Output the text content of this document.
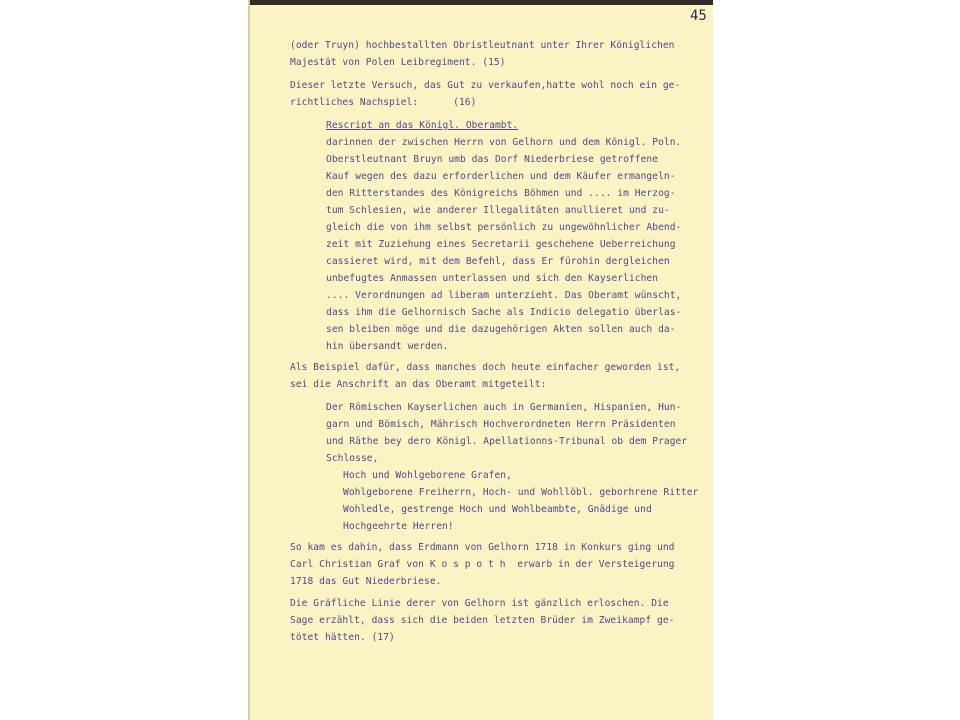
45
(oder Truyn) hochbestallten Obristleutnant unter Ihrer Königlichen
Majestät von Polen Leibregiment. (15)
Dieser letzte Versuch, das Gut zu verkaufen,hatte wohl noch ein ge-
richtliches Nachspiel:      (16)
Rescript an das Königl. Oberambt.
darinnen der zwischen Herrn von Gelhorn und dem Königl. Poln.
Oberstleutnant Bruyn umb das Dorf Niederbriese getroffene
Kauf wegen des dazu erforderlichen und dem Käufer ermangeln-
den Ritterstandes des Königreichs Böhmen und .... im Herzog-
tum Schlesien, wie anderer Illegalitäten anullieret und zu-
gleich die von ihm selbst persönlich zu ungewöhnlicher Abend-
zeit mit Zuziehung eines Secretarii geschehene Ueberreichung
cassieret wird, mit dem Befehl, dass Er fürohin dergleichen
unbefugtes Anmassen unterlassen und sich den Kayserlichen
.... Verordnungen ad liberam unterzieht. Das Oberamt wünscht,
dass ihm die Gelhornisch Sache als Indicio delegatio überlas-
sen bleiben möge und die dazugehörigen Akten sollen auch da-
hin übersandt werden.
Als Beispiel dafür, dass manches doch heute einfacher geworden ist,
sei die Anschrift an das Oberamt mitgeteilt:
Der Römischen Kayserlichen auch in Germanien, Hispanien, Hun-
garn und Bömisch, Mährisch Hochverordneten Herrn Präsidenten
und Räthe bey dero Königl. Apellationns-Tribunal ob dem Prager
Schlosse,
Hoch und Wohlgeborene Grafen,
Wohlgeborene Freiherrn, Hoch- und Wohllöbl. geborhrene Ritter
Wohledle, gestrenge Hoch und Wohlbeambte, Gnädige und
Hochgeehrte Herren!
So kam es dahin, dass Erdmann von Gelhorn 1718 in Konkurs ging und
Carl Christian Graf von K o s p o t h  erwarb in der Versteigerung
1718 das Gut Niederbriese.
Die Gräfliche Linie derer von Gelhorn ist gänzlich erloschen. Die
Sage erzählt, dass sich die beiden letzten Brüder im Zweikampf ge-
tötet hätten. (17)
